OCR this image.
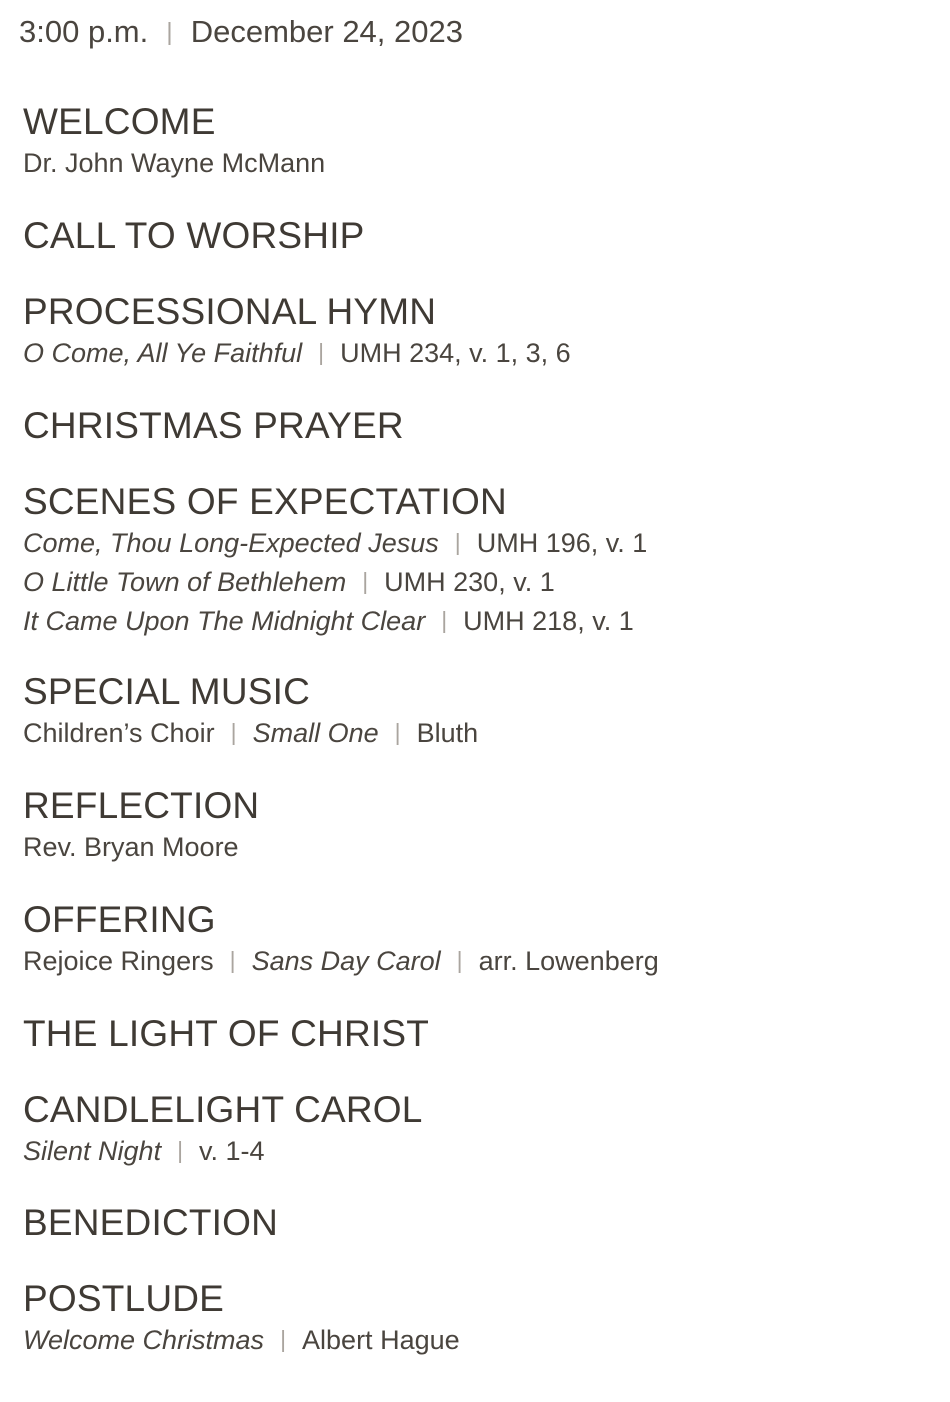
3:00 p.m. | December 24, 2023
WELCOME
Dr. John Wayne McMann
CALL TO WORSHIP
PROCESSIONAL HYMN
O Come, All Ye Faithful | UMH 234, v. 1, 3, 6
CHRISTMAS PRAYER
SCENES OF EXPECTATION
Come, Thou Long-Expected Jesus | UMH 196, v. 1
O Little Town of Bethlehem | UMH 230, v. 1
It Came Upon The Midnight Clear | UMH 218, v. 1
SPECIAL MUSIC
Children’s Choir | Small One | Bluth
REFLECTION
Rev. Bryan Moore
OFFERING
Rejoice Ringers | Sans Day Carol | arr. Lowenberg
THE LIGHT OF CHRIST
CANDLELIGHT CAROL
Silent Night | v. 1-4
BENEDICTION
POSTLUDE
Welcome Christmas | Albert Hague
